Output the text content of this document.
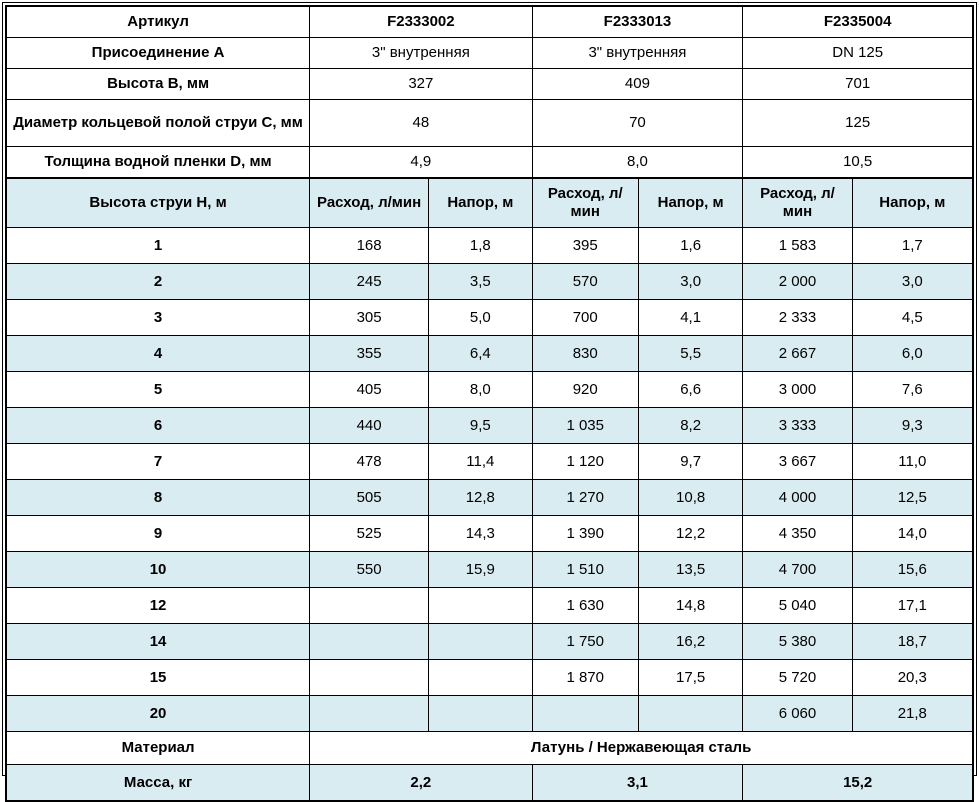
Артикул	F2333002		F2333013		F2335004	
Присоединение А	3" внутренняя		3" внутренняя		DN 125	
Высота B, мм	327		409		701	
Диаметр кольцевой полой струи С, мм	48		70		125	
Толщина водной пленки D, мм	4,9		8,0		10,5	
Высота струи Н, м	Расход, л/мин	Напор, м	Расход, л/мин	Напор, м	Расход, л/мин	Напор, м
1	168	1,8	395	1,6	1 583	1,7
2	245	3,5	570	3,0	2 000	3,0
3	305	5,0	700	4,1	2 333	4,5
4	355	6,4	830	5,5	2 667	6,0
5	405	8,0	920	6,6	3 000	7,6
6	440	9,5	1 035	8,2	3 333	9,3
7	478	11,4	1 120	9,7	3 667	11,0
8	505	12,8	1 270	10,8	4 000	12,5
9	525	14,3	1 390	12,2	4 350	14,0
10	550	15,9	1 510	13,5	4 700	15,6
12			1 630	14,8	5 040	17,1
14			1 750	16,2	5 380	18,7
15			1 870	17,5	5 720	20,3
20					6 060	21,8
Материал	Латунь / Нержавеющая сталь					
Масса, кг	2,2		3,1		15,2	
